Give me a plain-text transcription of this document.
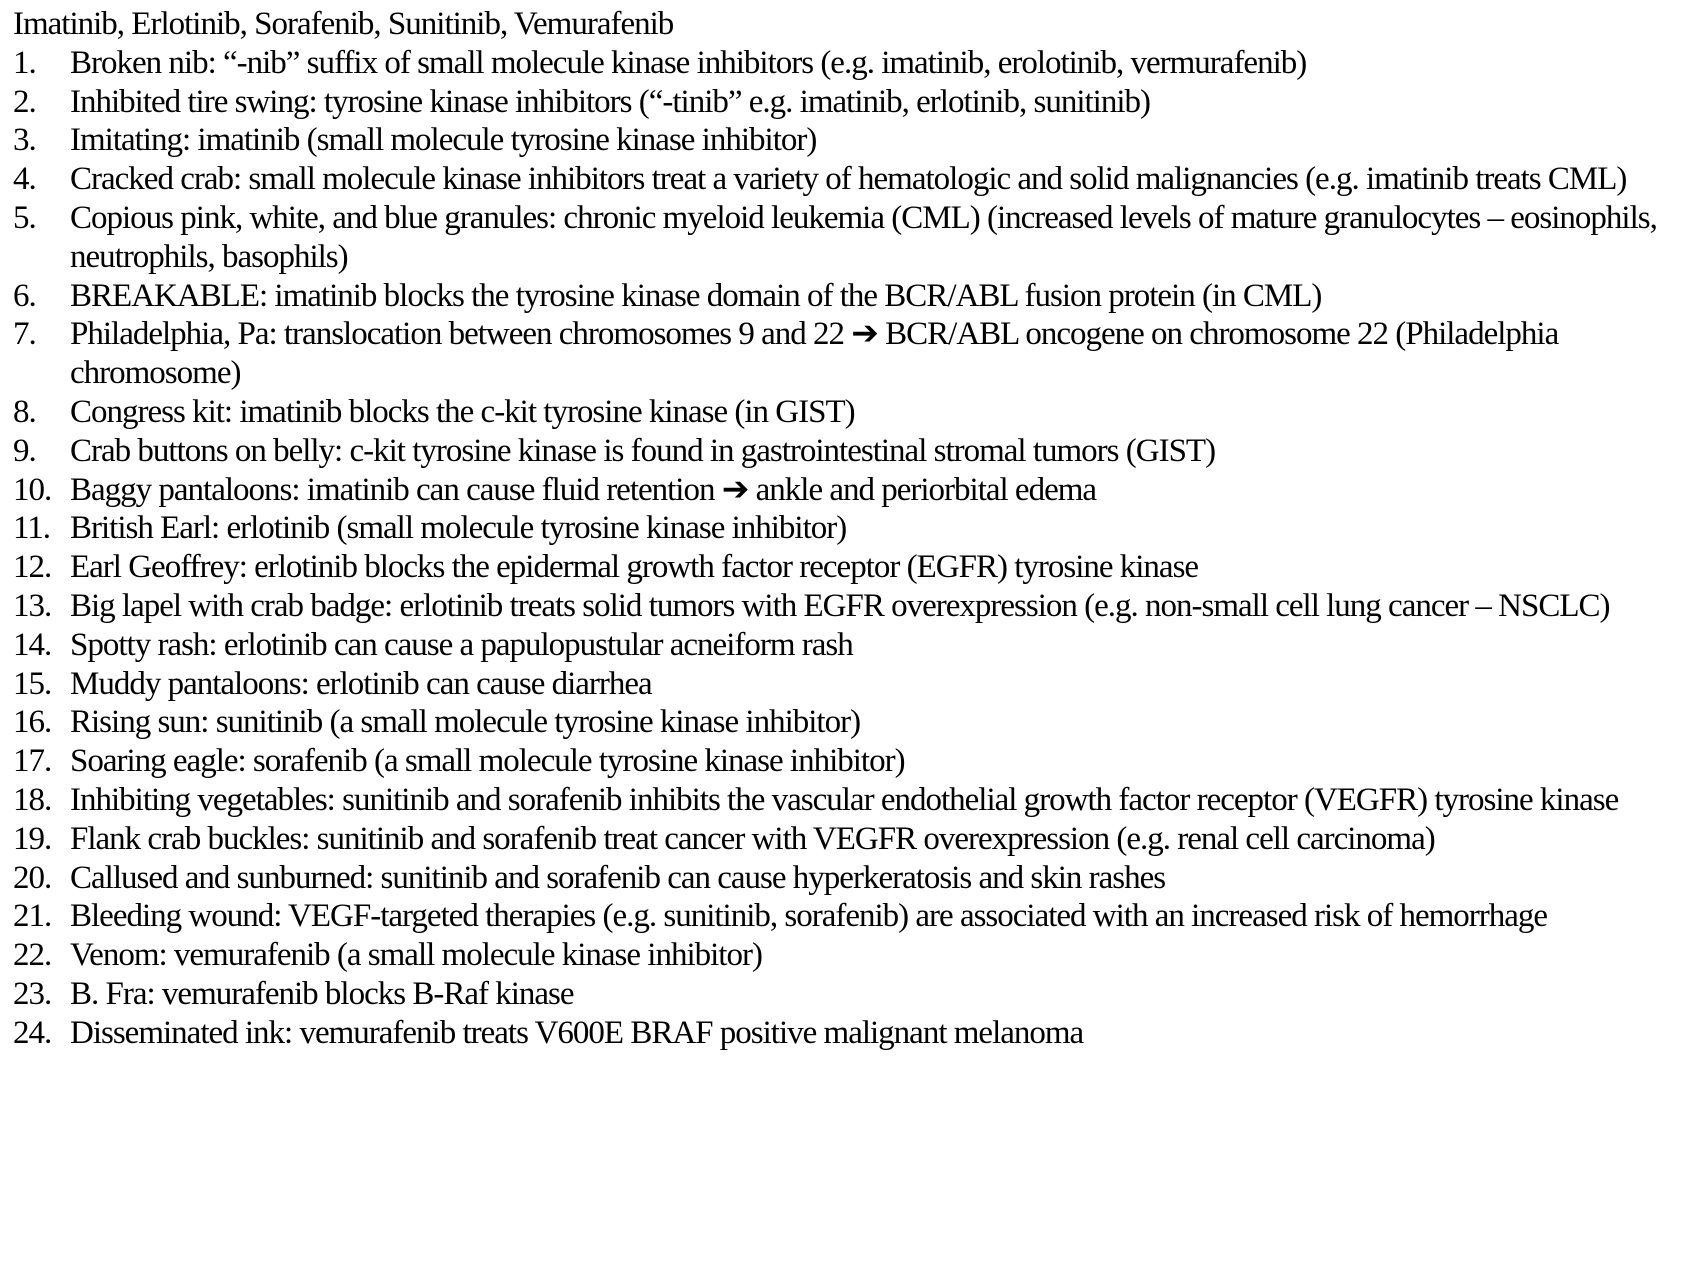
Imatinib, Erlotinib, Sorafenib, Sunitinib, Vemurafenib
1.	Broken nib: “-nib” suffix of small molecule kinase inhibitors (e.g. imatinib, erolotinib, vermurafenib)
2.	Inhibited tire swing: tyrosine kinase inhibitors (“-tinib” e.g. imatinib, erlotinib, sunitinib)
3.	Imitating: imatinib (small molecule tyrosine kinase inhibitor)
4.	Cracked crab: small molecule kinase inhibitors treat a variety of hematologic and solid malignancies (e.g. imatinib treats CML)
5.	Copious pink, white, and blue granules: chronic myeloid leukemia (CML) (increased levels of mature granulocytes – eosinophils, neutrophils, basophils)
6.	BREAKABLE: imatinib blocks the tyrosine kinase domain of the BCR/ABL fusion protein (in CML)
7.	Philadelphia, Pa: translocation between chromosomes 9 and 22 ➔ BCR/ABL oncogene on chromosome 22 (Philadelphia chromosome)
8.	Congress kit: imatinib blocks the c-kit tyrosine kinase (in GIST)
9.	Crab buttons on belly: c-kit tyrosine kinase is found in gastrointestinal stromal tumors (GIST)
10. Baggy pantaloons: imatinib can cause fluid retention ➔ ankle and periorbital edema
11. British Earl: erlotinib (small molecule tyrosine kinase inhibitor)
12. Earl Geoffrey: erlotinib blocks the epidermal growth factor receptor (EGFR) tyrosine kinase
13. Big lapel with crab badge: erlotinib treats solid tumors with EGFR overexpression (e.g. non-small cell lung cancer – NSCLC)
14. Spotty rash: erlotinib can cause a papulopustular acneiform rash
15. Muddy pantaloons: erlotinib can cause diarrhea
16. Rising sun: sunitinib (a small molecule tyrosine kinase inhibitor)
17. Soaring eagle: sorafenib (a small molecule tyrosine kinase inhibitor)
18. Inhibiting vegetables: sunitinib and sorafenib inhibits the vascular endothelial growth factor receptor (VEGFR) tyrosine kinase
19. Flank crab buckles: sunitinib and sorafenib treat cancer with VEGFR overexpression (e.g. renal cell carcinoma)
20. Callused and sunburned: sunitinib and sorafenib can cause hyperkeratosis and skin rashes
21. Bleeding wound: VEGF-targeted therapies (e.g. sunitinib, sorafenib) are associated with an increased risk of hemorrhage
22. Venom: vemurafenib (a small molecule kinase inhibitor)
23. B. Fra: vemurafenib blocks B-Raf kinase
24. Disseminated ink: vemurafenib treats V600E BRAF positive malignant melanoma
